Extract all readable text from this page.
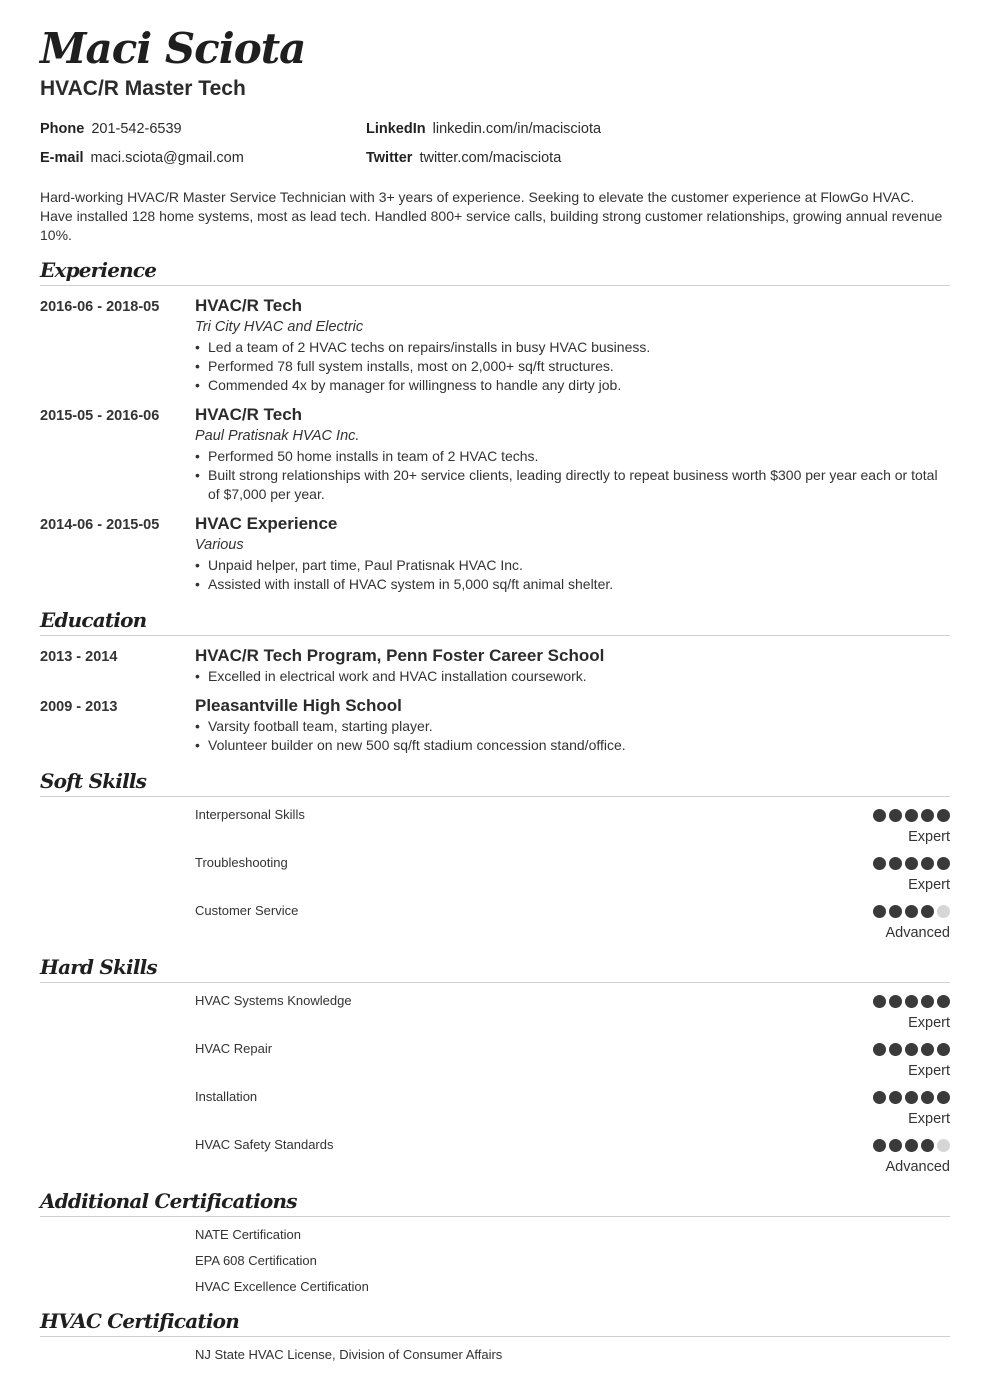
Maci Sciota
HVAC/R Master Tech
Phone 201-542-6539
E-mail maci.sciota@gmail.com
LinkedIn linkedin.com/in/macisciota
Twitter twitter.com/macisciota
Hard-working HVAC/R Master Service Technician with 3+ years of experience. Seeking to elevate the customer experience at FlowGo HVAC. Have installed 128 home systems, most as lead tech. Handled 800+ service calls, building strong customer relationships, growing annual revenue 10%.
Experience
2016-06 - 2018-05 HVAC/R Tech
Tri City HVAC and Electric
• Led a team of 2 HVAC techs on repairs/installs in busy HVAC business.
• Performed 78 full system installs, most on 2,000+ sq/ft structures.
• Commended 4x by manager for willingness to handle any dirty job.
2015-05 - 2016-06 HVAC/R Tech
Paul Pratisnak HVAC Inc.
• Performed 50 home installs in team of 2 HVAC techs.
• Built strong relationships with 20+ service clients, leading directly to repeat business worth $300 per year each or total of $7,000 per year.
2014-06 - 2015-05 HVAC Experience
Various
• Unpaid helper, part time, Paul Pratisnak HVAC Inc.
• Assisted with install of HVAC system in 5,000 sq/ft animal shelter.
Education
2013 - 2014	HVAC/R Tech Program, Penn Foster Career School
• Excelled in electrical work and HVAC installation coursework.
2009 - 2013	Pleasantville High School
• Varsity football team, starting player.
• Volunteer builder on new 500 sq/ft stadium concession stand/office.
Soft Skills
Interpersonal Skills
Expert
Troubleshooting
Expert
Customer Service
Advanced
Hard Skills
HVAC Systems Knowledge
Expert
HVAC Repair
Expert
Installation
Expert
HVAC Safety Standards
Advanced
Additional Certifications
NATE Certification
EPA 608 Certification
HVAC Excellence Certification
HVAC Certification
NJ State HVAC License, Division of Consumer Affairs
